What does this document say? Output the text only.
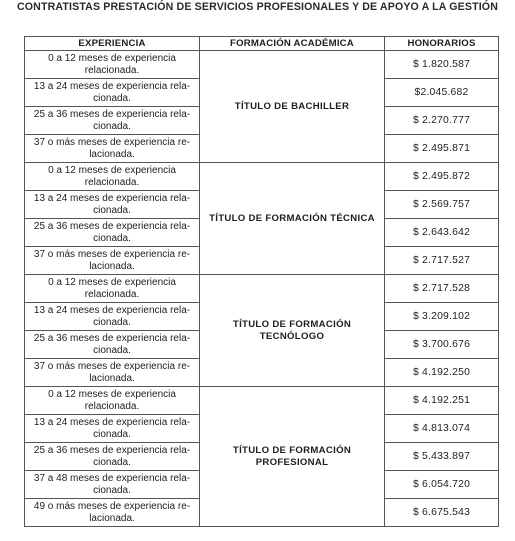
CONTRATISTAS PRESTACIÓN DE SERVICIOS PROFESIONALES Y DE APOYO A LA GESTIÓN
EXPERIENCIA	FORMACIÓN ACADÉMICA	HONORARIOS
0 a 12 meses de experiencia relacionada.	TÍTULO DE BACHILLER	$ 1.820.587
13 a 24 meses de experiencia rela-cionada.		$2.045.682
25 a 36 meses de experiencia rela-cionada.		$ 2.270.777
37 o más meses de experiencia re-lacionada.		$ 2.495.871
0 a 12 meses de experiencia relacionada.	TÍTULO DE FORMACIÓN TÉCNICA	$ 2.495.872
13 a 24 meses de experiencia rela-cionada.		$ 2.569.757
25 a 36 meses de experiencia rela-cionada.		$ 2.643.642
37 o más meses de experiencia re-lacionada.		$ 2.717.527
0 a 12 meses de experiencia relacionada.	TÍTULO DE FORMACIÓN TECNÓLOGO	$ 2.717.528
13 a 24 meses de experiencia rela-cionada.		$ 3.209.102
25 a 36 meses de experiencia rela-cionada.		$ 3.700.676
37 o más meses de experiencia re-lacionada.		$ 4.192.250
0 a 12 meses de experiencia relacionada.	TÍTULO DE FORMACIÓN PROFESIONAL	$ 4.192.251
13 a 24 meses de experiencia rela-cionada.		$ 4.813.074
25 a 36 meses de experiencia rela-cionada.		$ 5.433.897
37 a 48 meses de experiencia rela-cionada.		$ 6.054.720
49 o más meses de experiencia re-lacionada.		$ 6.675.543
